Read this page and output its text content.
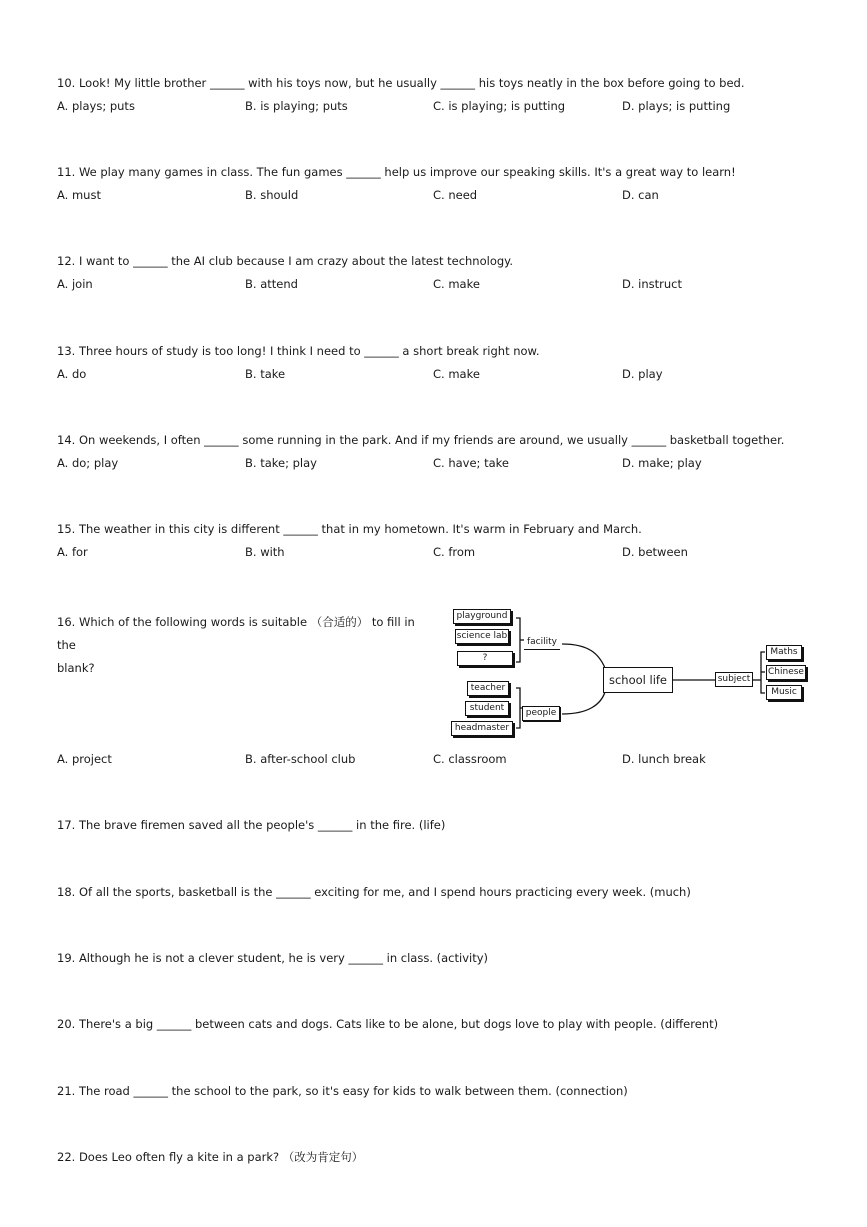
10. Look! My little brother ______ with his toys now, but he usually ______ his toys neatly in the box before going to bed.
A. plays; puts	B. is playing; puts	C. is playing; is putting	D. plays; is putting
11. We play many games in class. The fun games ______ help us improve our speaking skills. It's a great way to learn!
A. must	B. should	C. need	D. can
12. I want to ______ the AI club because I am crazy about the latest technology.
A. join	B. attend	C. make	D. instruct
13. Three hours of study is too long! I think I need to ______ a short break right now.
A. do	B. take	C. make	D. play
14. On weekends, I often ______ some running in the park. And if my friends are around, we usually ______ basketball together.
A. do; play	B. take; play	C. have; take	D. make; play
15. The weather in this city is different ______ that in my hometown. It's warm in February and March.
A. for	B. with	C. from	D. between
16. Which of the following words is suitable （合适的） to fill in the
blank?
playground
science lab
?
facility
school life
teacher
student
headmaster
people
subject
Maths
Chinese
Music
A. project	B. after-school club	C. classroom	D. lunch break
17. The brave firemen saved all the people's ______ in the fire. (life)
18. Of all the sports, basketball is the ______ exciting for me, and I spend hours practicing every week. (much)
19. Although he is not a clever student, he is very ______ in class. (activity)
20. There's a big ______ between cats and dogs. Cats like to be alone, but dogs love to play with people. (different)
21. The road ______ the school to the park, so it's easy for kids to walk between them. (connection)
22. Does Leo often fly a kite in a park? （改为肯定句）
